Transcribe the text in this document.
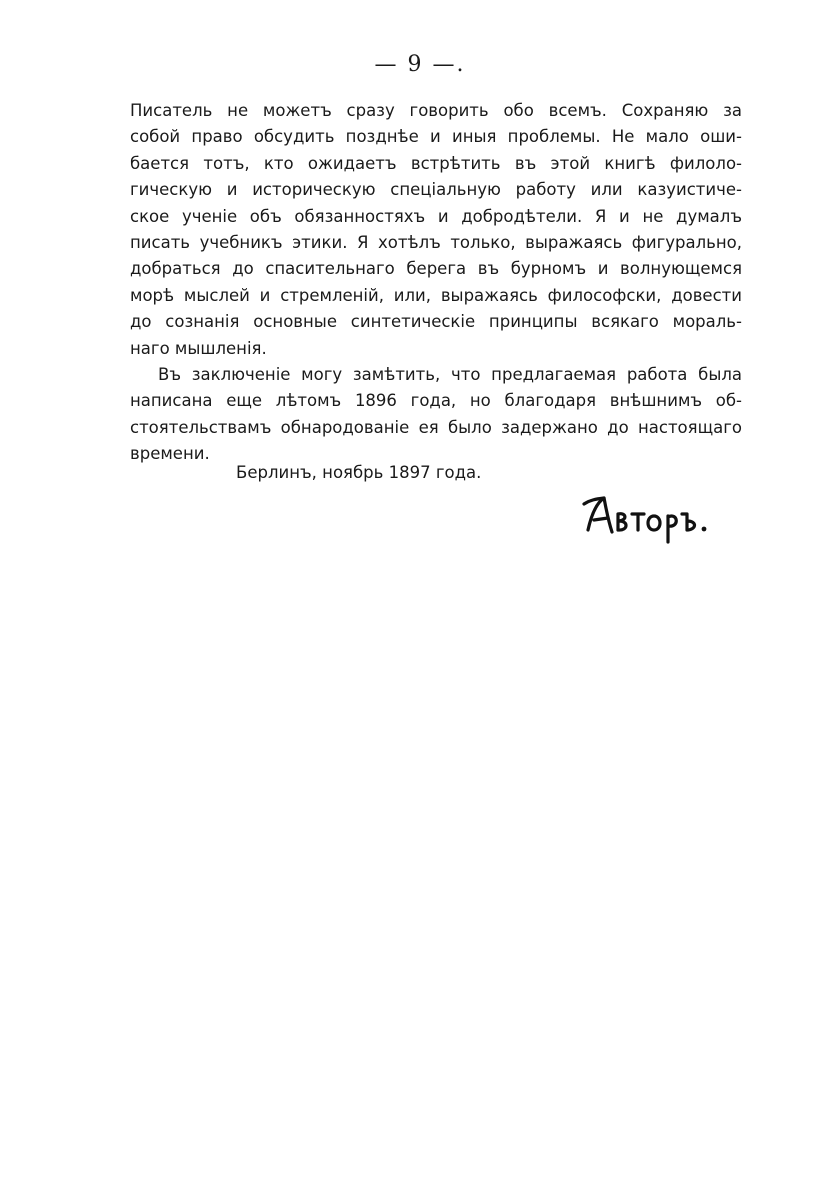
— 9 —.
Писатель не можетъ сразу говорить обо всемъ. Сохраняю за
собой право обсудить позднѣе и иныя проблемы. Не мало оши-
бается тотъ, кто ожидаетъ встрѣтить въ этой книгѣ филоло-
гическую и историческую спецiальную работу или казуистиче-
ское ученiе объ обязанностяхъ и добродѣтели. Я и не думалъ
писать учебникъ этики. Я хотѣлъ только, выражаясь фигурально,
добраться до спасительнаго берега въ бурномъ и волнующемся
морѣ мыслей и стремленiй, или, выражаясь философски, довести
до сознанiя основные синтетическiе принципы всякаго мораль-
наго мышленiя.
Въ заключенiе могу замѣтить, что предлагаемая работа была
написана еще лѣтомъ 1896 года, но благодаря внѣшнимъ об-
стоятельствамъ обнародованiе ея было задержано до настоящаго
времени.
Берлинъ, ноябрь 1897 года.
